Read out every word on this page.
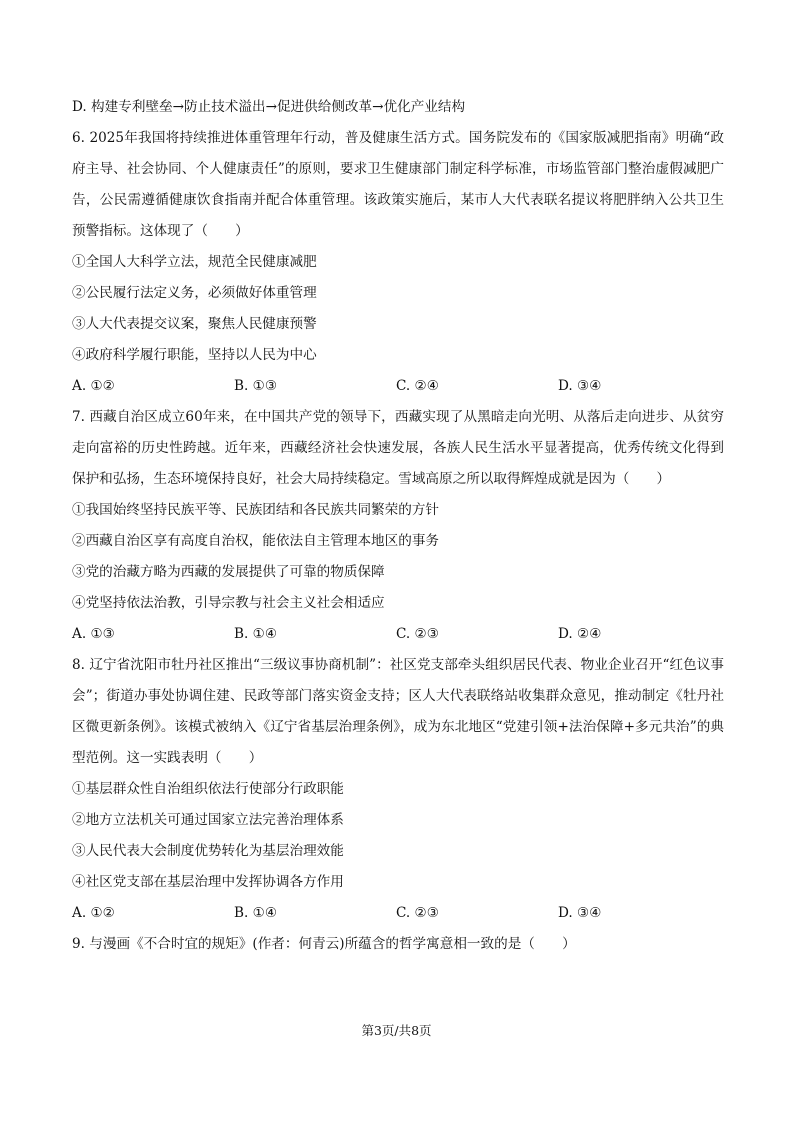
D. 构建专利壁垒→防止技术溢出→促进供给侧改革→优化产业结构
6. 2025年我国将持续推进体重管理年行动，普及健康生活方式。国务院发布的《国家版减肥指南》明确“政府主导、社会协同、个人健康责任”的原则，要求卫生健康部门制定科学标准，市场监管部门整治虚假减肥广告，公民需遵循健康饮食指南并配合体重管理。该政策实施后，某市人大代表联名提议将肥胖纳入公共卫生预警指标。这体现了（　　）
①全国人大科学立法，规范全民健康减肥
②公民履行法定义务，必须做好体重管理
③人大代表提交议案，聚焦人民健康预警
④政府科学履行职能，坚持以人民为中心
A. ①②	B. ①③	C. ②④	D. ③④
7. 西藏自治区成立60年来，在中国共产党的领导下，西藏实现了从黑暗走向光明、从落后走向进步、从贫穷走向富裕的历史性跨越。近年来，西藏经济社会快速发展，各族人民生活水平显著提高，优秀传统文化得到保护和弘扬，生态环境保持良好，社会大局持续稳定。雪域高原之所以取得辉煌成就是因为（　　）
①我国始终坚持民族平等、民族团结和各民族共同繁荣的方针
②西藏自治区享有高度自治权，能依法自主管理本地区的事务
③党的治藏方略为西藏的发展提供了可靠的物质保障
④党坚持依法治教，引导宗教与社会主义社会相适应
A. ①③	B. ①④	C. ②③	D. ②④
8. 辽宁省沈阳市牡丹社区推出“三级议事协商机制”：社区党支部牵头组织居民代表、物业企业召开“红色议事会”；街道办事处协调住建、民政等部门落实资金支持；区人大代表联络站收集群众意见，推动制定《牡丹社区微更新条例》。该模式被纳入《辽宁省基层治理条例》，成为东北地区“党建引领+法治保障+多元共治”的典型范例。这一实践表明（　　）
①基层群众性自治组织依法行使部分行政职能
②地方立法机关可通过国家立法完善治理体系
③人民代表大会制度优势转化为基层治理效能
④社区党支部在基层治理中发挥协调各方作用
A. ①②	B. ①④	C. ②③	D. ③④
9. 与漫画《不合时宜的规矩》(作者：何青云)所蕴含的哲学寓意相一致的是（　　）
第3页/共8页
